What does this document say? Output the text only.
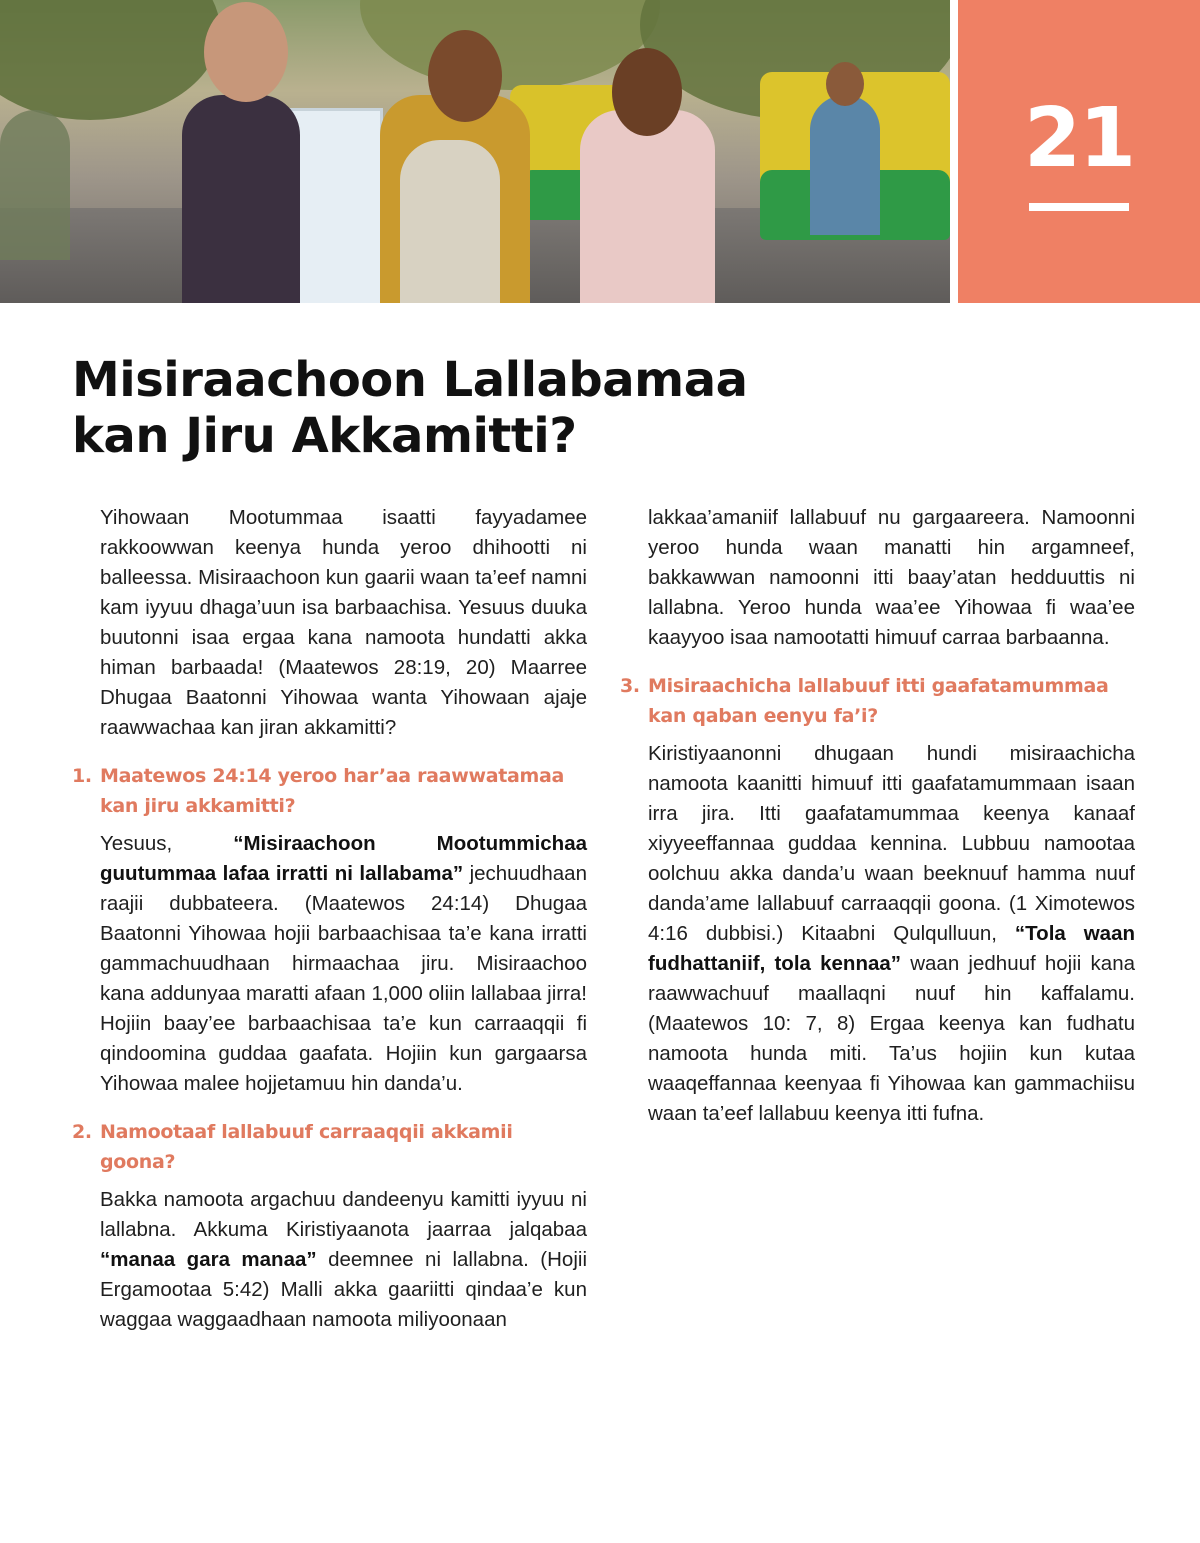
21
Misiraachoon Lallabamaa
kan Jiru Akkamitti?

Yihowaan Mootummaa isaatti fayyadamee rakkoowwan keenya hunda yeroo dhihootti ni balleessa. Misiraachoon kun gaarii waan ta’eef namni kam iyyuu dhaga’uun isa barbaachisa. Yesuus duuka buutonni isaa ergaa kana namoota hundatti akka himan barbaada! (Maatewos 28:19, 20) Maarree Dhugaa Baatonni Yihowaa wanta Yihowaan ajaje raawwachaa kan jiran akkamitti?

1. Maatewos 24:14 yeroo har’aa raawwatamaa kan jiru akkamitti?

Yesuus, “Misiraachoon Mootummichaa guutummaa lafaa irratti ni lallabama” jechuudhaan raajii dubbateera. (Maatewos 24:14) Dhugaa Baatonni Yihowaa hojii barbaachisaa ta’e kana irratti gammachuudhaan hirmaachaa jiru. Misiraachoo kana addunyaa maratti afaan 1,000 oliin lallabaa jirra! Hojiin baay’ee barbaachisaa ta’e kun carraaqqii fi qindoomina guddaa gaafata. Hojiin kun gargaarsa Yihowaa malee hojjetamuu hin danda’u.

2. Namootaaf lallabuuf carraaqqii akkamii goona?

Bakka namoota argachuu dandeenyu kamitti iyyuu ni lallabna. Akkuma Kiristiyaanota jaarraa jalqabaa “manaa gara manaa” deemnee ni lallabna. (Hojii Ergamootaa 5:42) Malli akka gaariitti qindaa’e kun waggaa waggaadhaan namoota miliyoonaan

lakkaa’amaniif lallabuuf nu gargaareera. Namoonni yeroo hunda waan manatti hin argamneef, bakkawwan namoonni itti baay’atan hedduuttis ni lallabna. Yeroo hunda waa’ee Yihowaa fi waa’ee kaayyoo isaa namootatti himuuf carraa barbaanna.

3. Misiraachicha lallabuuf itti gaafatamummaa kan qaban eenyu fa’i?

Kiristiyaanonni dhugaan hundi misiraachicha namoota kaanitti himuuf itti gaafatamummaan isaan irra jira. Itti gaafatamummaa keenya kanaaf xiyyeeffannaa guddaa kennina. Lubbuu namootaa oolchuu akka danda’u waan beeknuuf hamma nuuf danda’ame lallabuuf carraaqqii goona. (1 Ximotewos 4:16 dubbisi.) Kitaabni Qulqulluun, “Tola waan fudhattaniif, tola kennaa” waan jedhuuf hojii kana raawwachuuf maallaqni nuuf hin kaffalamu. (Maatewos 10: 7, 8) Ergaa keenya kan fudhatu namoota hunda miti. Ta’us hojiin kun kutaa waaqeffannaa keenyaa fi Yihowaa kan gammachiisu waan ta’eef lallabuu keenya itti fufna.
